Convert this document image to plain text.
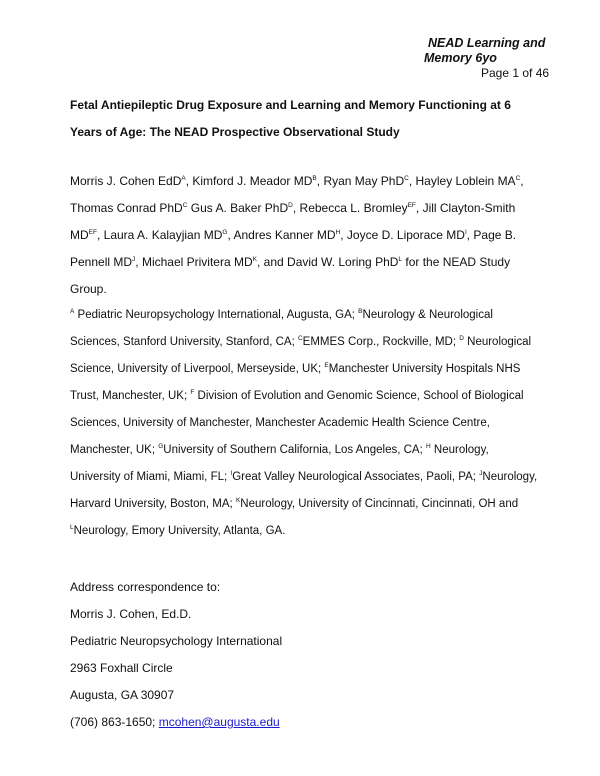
NEAD Learning and
Memory 6yo
Page 1 of 46
Fetal Antiepileptic Drug Exposure and Learning and Memory Functioning at 6
Years of Age: The NEAD Prospective Observational Study

Morris J. Cohen EdD$^A$, Kimford J. Meador $MD^B$, Ryan May PhD$^C$, Hayley Loblein $MA^C$, Thomas Conrad PhD$^C$ Gus A. Baker PhD$^D$, Rebecca L. Bromley$^{EF}$, Jill Clayton-Smith $MD^{EF}$, Laura A. Kalayjian $MD^G$, Andres Kanner $MD^H$, Joyce D. Liporace $MD^I$, Page B. Pennell $MD^J$, Michael Privitera $MD^K$, and David W. Loring PhD$^L$ for the NEAD Study Group.

$^A$ Pediatric Neuropsychology International, Augusta, GA; $^B$Neurology & Neurological Sciences, Stanford University, Stanford, CA; $^C$EMMES Corp., Rockville, MD; $^D$ Neurological Science, University of Liverpool, Merseyside, UK; $^E$Manchester University Hospitals NHS Trust, Manchester, UK; $^F$ Division of Evolution and Genomic Science, School of Biological Sciences, University of Manchester, Manchester Academic Health Science Centre, Manchester, UK; $^G$University of Southern California, Los Angeles, CA; $^H$ Neurology, University of Miami, Miami, FL; $^I$Great Valley Neurological Associates, Paoli, PA; $^J$Neurology, Harvard University, Boston, MA; $^K$Neurology, University of Cincinnati, Cincinnati, OH and $^L$Neurology, Emory University, Atlanta, GA.

Address correspondence to:
Morris J. Cohen, Ed.D.
Pediatric Neuropsychology International
2963 Foxhall Circle
Augusta, GA 30907
(706) 863-1650; mcohen@augusta.edu
